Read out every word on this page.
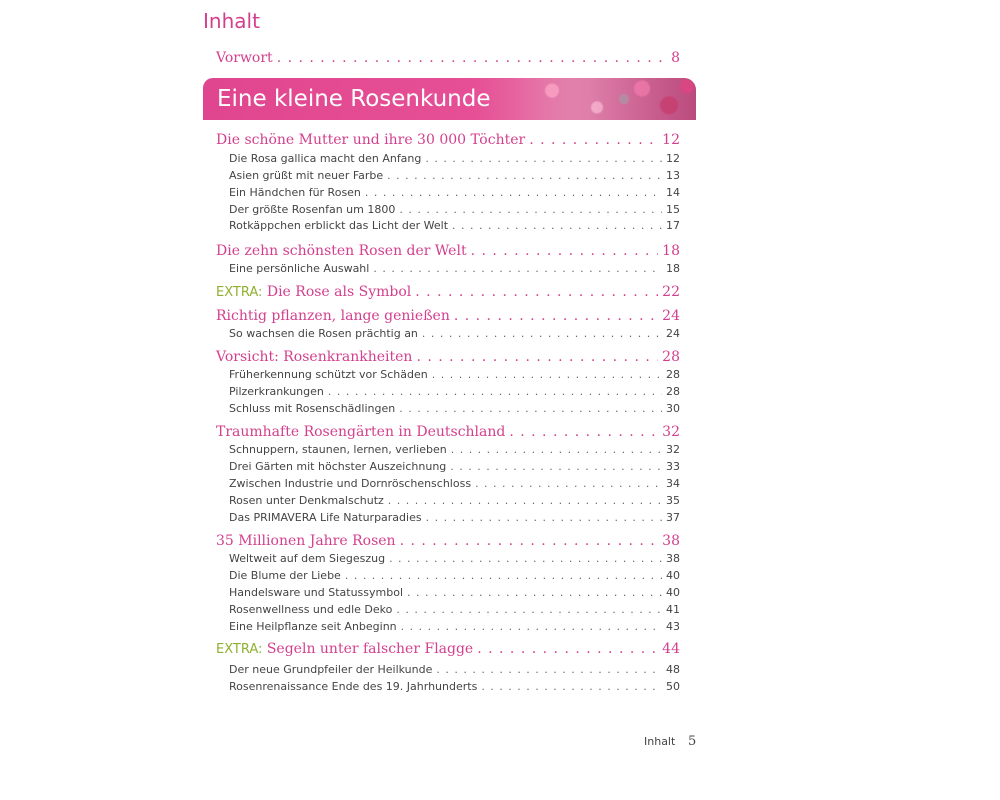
Inhalt
Vorwort . . .	8
Eine kleine Rosenkunde
Die schöne Mutter und ihre 30 000 Töchter . . .	12
Die Rosa gallica macht den Anfang . . .	12
Asien grüßt mit neuer Farbe . . .	13
Ein Händchen für Rosen . . .	14
Der größte Rosenfan um 1800 . . .	15
Rotkäppchen erblickt das Licht der Welt . . .	17
Die zehn schönsten Rosen der Welt . . .	18
Eine persönliche Auswahl . . .	18
EXTRA: Die Rose als Symbol . . .	22
Richtig pflanzen, lange genießen . . .	24
So wachsen die Rosen prächtig an . . .	24
Vorsicht: Rosenkrankheiten . . .	28
Früherkennung schützt vor Schäden . . .	28
Pilzerkrankungen . . .	28
Schluss mit Rosenschädlingen . . .	30
Traumhafte Rosengärten in Deutschland . . .	32
Schnuppern, staunen, lernen, verlieben . . .	32
Drei Gärten mit höchster Auszeichnung . . .	33
Zwischen Industrie und Dornröschenschloss . . .	34
Rosen unter Denkmalschutz . . .	35
Das PRIMAVERA Life Naturparadies . . .	37
35 Millionen Jahre Rosen . . .	38
Weltweit auf dem Siegeszug . . .	38
Die Blume der Liebe . . .	40
Handelsware und Statussymbol . . .	40
Rosenwellness und edle Deko . . .	41
Eine Heilpflanze seit Anbeginn . . .	43
EXTRA: Segeln unter falscher Flagge . . .	44
Der neue Grundpfeiler der Heilkunde . . .	48
Rosenrenaissance Ende des 19. Jahrhunderts . . .	50
Inhalt 5
